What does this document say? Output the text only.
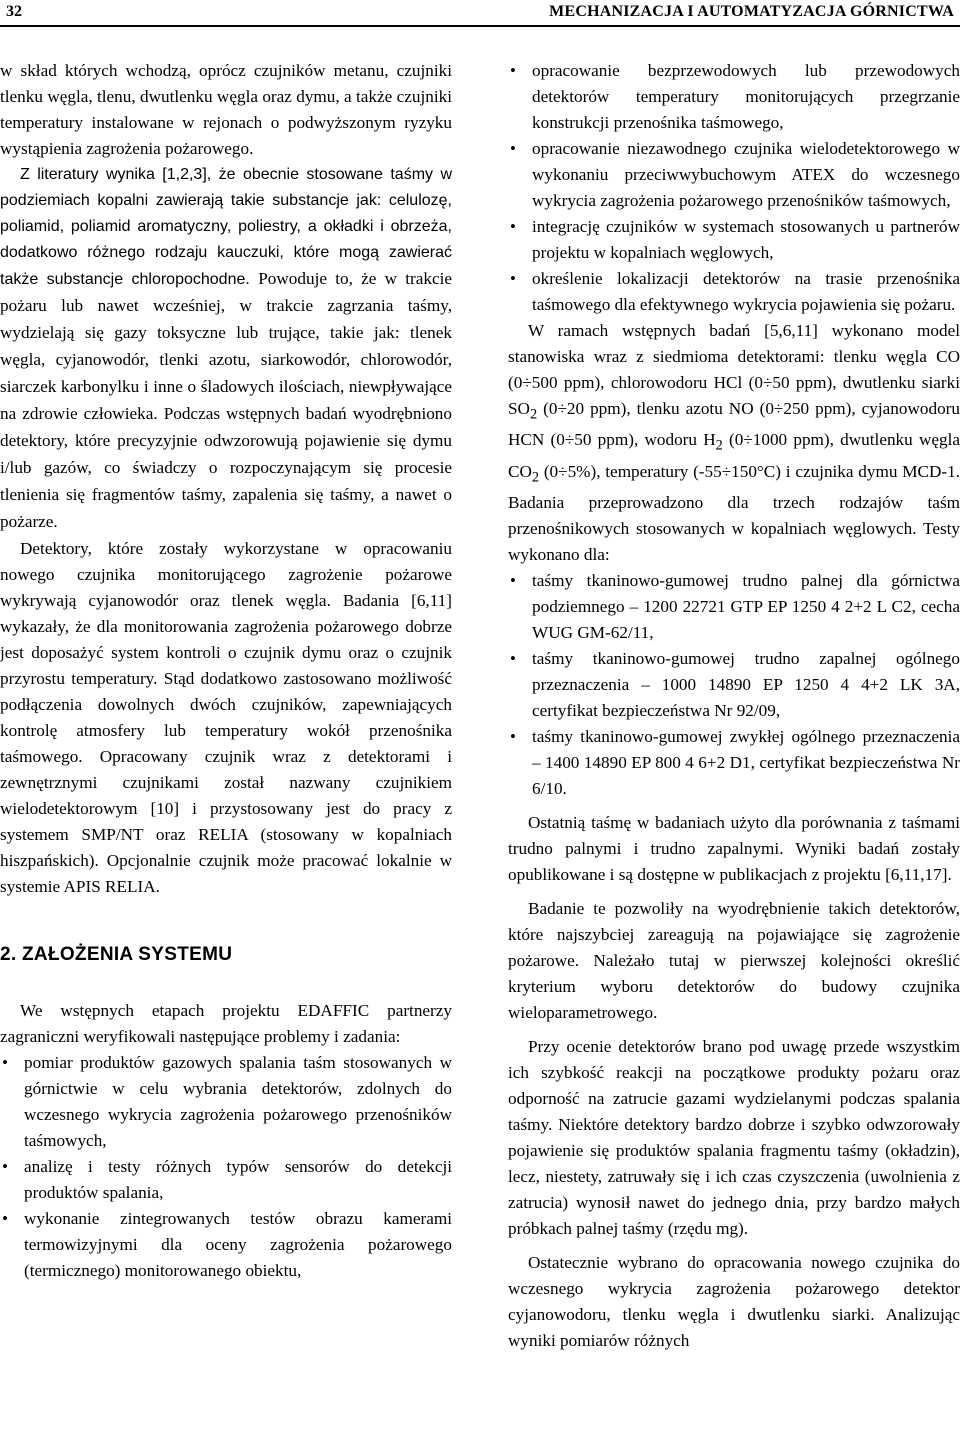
32	MECHANIZACJA I AUTOMATYZACJA GÓRNICTWA

w skład których wchodzą, oprócz czujników metanu, czujniki tlenku węgla, tlenu, dwutlenku węgla oraz dymu, a także czujniki temperatury instalowane w rejonach o podwyższonym ryzyku wystąpienia zagrożenia pożarowego.

Z literatury wynika [1,2,3], że obecnie stosowane taśmy w podziemiach kopalni zawierają takie substancje jak: celulozę, poliamid, poliamid aromatyczny, poliestry, a okładki i obrzeża, dodatkowo różnego rodzaju kauczuki, które mogą zawierać także substancje chloropochodne. Powoduje to, że w trakcie pożaru lub nawet wcześniej, w trakcie zagrzania taśmy, wydzielają się gazy toksyczne lub trujące, takie jak: tlenek węgla, cyjanowodór, tlenki azotu, siarkowodór, chlorowodór, siarczek karbonylku i inne o śladowych ilościach, niewpływające na zdrowie człowieka. Podczas wstępnych badań wyodrębniono detektory, które precyzyjnie odwzorowują pojawienie się dymu i/lub gazów, co świadczy o rozpoczynającym się procesie tlenienia się fragmentów taśmy, zapalenia się taśmy, a nawet o pożarze.

Detektory, które zostały wykorzystane w opracowaniu nowego czujnika monitorującego zagrożenie pożarowe wykrywają cyjanowodór oraz tlenek węgla. Badania [6,11] wykazały, że dla monitorowania zagrożenia pożarowego dobrze jest doposażyć system kontroli o czujnik dymu oraz o czujnik przyrostu temperatury. Stąd dodatkowo zastosowano możliwość podłączenia dowolnych dwóch czujników, zapewniających kontrolę atmosfery lub temperatury wokół przenośnika taśmowego. Opracowany czujnik wraz z detektorami i zewnętrznymi czujnikami został nazwany czujnikiem wielodetektorowym [10] i przystosowany jest do pracy z systemem SMP/NT oraz RELIA (stosowany w kopalniach hiszpańskich). Opcjonalnie czujnik może pracować lokalnie w systemie APIS RELIA.

2. ZAŁOŻENIA SYSTEMU

We wstępnych etapach projektu EDAFFIC partnerzy zagraniczni weryfikowali następujące problemy i zadania:

• pomiar produktów gazowych spalania taśm stosowanych w górnictwie w celu wybrania detektorów, zdolnych do wczesnego wykrycia zagrożenia pożarowego przenośników taśmowych,
• analizę i testy różnych typów sensorów do detekcji produktów spalania,
• wykonanie zintegrowanych testów obrazu kamerami termowizyjnymi dla oceny zagrożenia pożarowego (termicznego) monitorowanego obiektu,
• opracowanie bezprzewodowych lub przewodowych detektorów temperatury monitorujących przegrzanie konstrukcji przenośnika taśmowego,
• opracowanie niezawodnego czujnika wielodetektorowego w wykonaniu przeciwwybuchowym ATEX do wczesnego wykrycia zagrożenia pożarowego przenośników taśmowych,
• integrację czujników w systemach stosowanych u partnerów projektu w kopalniach węglowych,
• określenie lokalizacji detektorów na trasie przenośnika taśmowego dla efektywnego wykrycia pojawienia się pożaru.

W ramach wstępnych badań [5,6,11] wykonano model stanowiska wraz z siedmioma detektorami: tlenku węgla CO (0÷500 ppm), chlorowodoru HCl (0÷50 ppm), dwutlenku siarki $SO_2$ (0÷20 ppm), tlenku azotu NO (0÷250 ppm), cyjanowodoru HCN (0÷50 ppm), wodoru $H_2$ (0÷1000 ppm), dwutlenku węgla $CO_2$ (0÷5%), temperatury (-55÷150°C) i czujnika dymu MCD-1. Badania przeprowadzono dla trzech rodzajów taśm przenośnikowych stosowanych w kopalniach węglowych. Testy wykonano dla:

• taśmy tkaninowo-gumowej trudno palnej dla górnictwa podziemnego – 1200 22721 GTP EP 1250 4 2+2 L C2, cecha WUG GM-62/11,
• taśmy tkaninowo-gumowej trudno zapalnej ogólnego przeznaczenia – 1000 14890 EP 1250 4 4+2 LK 3A, certyfikat bezpieczeństwa Nr 92/09,
• taśmy tkaninowo-gumowej zwykłej ogólnego przeznaczenia – 1400 14890 EP 800 4 6+2 D1, certyfikat bezpieczeństwa Nr 6/10.

Ostatnią taśmę w badaniach użyto dla porównania z taśmami trudno palnymi i trudno zapalnymi. Wyniki badań zostały opublikowane i są dostępne w publikacjach z projektu [6,11,17].

Badanie te pozwoliły na wyodrębnienie takich detektorów, które najszybciej zareagują na pojawiające się zagrożenie pożarowe. Należało tutaj w pierwszej kolejności określić kryterium wyboru detektorów do budowy czujnika wieloparametrowego.

Przy ocenie detektorów brano pod uwagę przede wszystkim ich szybkość reakcji na początkowe produkty pożaru oraz odporność na zatrucie gazami wydzielanymi podczas spalania taśmy. Niektóre detektory bardzo dobrze i szybko odwzorowały pojawienie się produktów spalania fragmentu taśmy (okładzin), lecz, niestety, zatruwały się i ich czas czyszczenia (uwolnienia z zatrucia) wynosił nawet do jednego dnia, przy bardzo małych próbkach palnej taśmy (rzędu mg).

Ostatecznie wybrano do opracowania nowego czujnika do wczesnego wykrycia zagrożenia pożarowego detektor cyjanowodoru, tlenku węgla i dwutlenku siarki. Analizując wyniki pomiarów różnych
